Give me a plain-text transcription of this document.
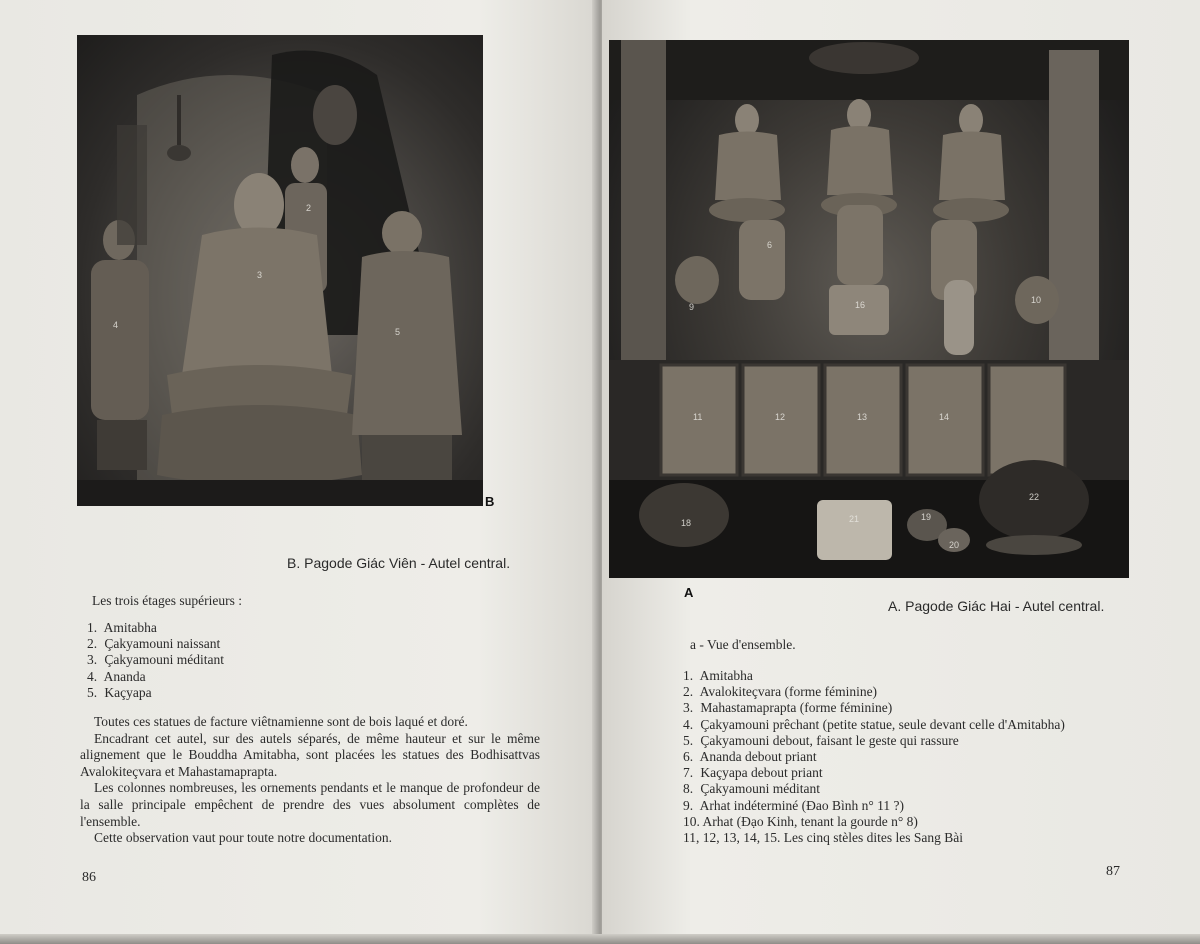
2
3
4
5
B
B. Pagode Giác Viên - Autel central.
Les trois étages supérieurs :
1. Amitabha
2. Çakyamouni naissant
3. Çakyamouni méditant
4. Ananda
5. Kaçyapa

Toutes ces statues de facture viêtnamienne sont de bois laqué et doré.

Encadrant cet autel, sur des autels séparés, de même hauteur et sur le même alignement que le Bouddha Amitabha, sont placées les statues des Bodhisattvas Avalokiteçvara et Mahastamaprapta.

Les colonnes nombreuses, les ornements pendants et le manque de profondeur de la salle principale empêchent de prendre des vues absolument complètes de l'ensemble.

Cette observation vaut pour toute notre documentation.

86
6
9
10
11	12	13	14
16
18
19
20
21
22
A
A. Pagode Giác Hai - Autel central.
a - Vue d'ensemble.
1. Amitabha
2. Avalokiteçvara (forme féminine)
3. Mahastamaprapta (forme féminine)
4. Çakyamouni prêchant (petite statue, seule devant celle d'Amitabha)
5. Çakyamouni debout, faisant le geste qui rassure
6. Ananda debout priant
7. Kaçyapa debout priant
8. Çakyamouni méditant
9. Arhat indéterminé (Đao Bình n° 11 ?)
10. Arhat (Đạo Kinh, tenant la gourde n° 8)
11, 12, 13, 14, 15. Les cinq stèles dites les Sang Bài
87
